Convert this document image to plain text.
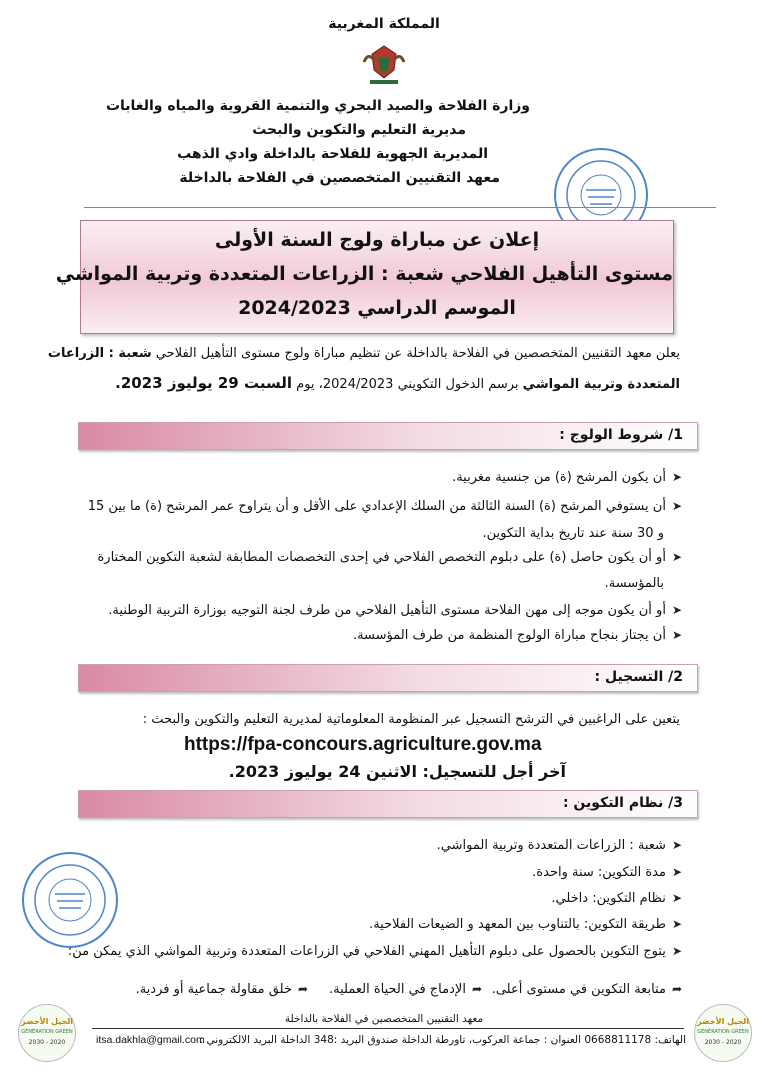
المملكة المغربية
وزارة الفلاحة والصيد البحري والتنمية القروية والمياه والغابات
مديرية التعليم والتكوين والبحث
المديرية الجهوية للفلاحة بالداخلة وادي الذهب
معهد التقنيين المتخصصين في الفلاحة بالداخلة
إعلان عن مباراة ولوج السنة الأولى
مستوى التأهيل الفلاحي شعبة : الزراعات المتعددة وتربية المواشي
الموسم الدراسي 2024/2023
يعلن معهد التقنيين المتخصصين في الفلاحة بالداخلة عن تنظيم مباراة ولوج مستوى التأهيل الفلاحي شعبة : الزراعات
المتعددة وتربية المواشي برسم الدخول التكويني 2024/2023، يوم السبت 29 يوليوز 2023.
1/ شروط الولوج :
➤أن يكون المرشح (ة) من جنسية مغربية.
➤أن يستوفي المرشح (ة) السنة الثالثة من السلك الإعدادي على الأقل و أن يتراوح عمر المرشح (ة) ما بين 15
و 30 سنة عند تاريخ بداية التكوين.
➤أو أن يكون حاصل (ة) على دبلوم التخصص الفلاحي في إحدى التخصصات المطابقة لشعبة التكوين المختارة
بالمؤسسة.
➤أو أن يكون موجه إلى مهن الفلاحة مستوى التأهيل الفلاحي من طرف لجنة التوجيه بوزارة التربية الوطنية.
➤أن يجتاز بنجاح مباراة الولوج المنظمة من طرف المؤسسة.
2/ التسجيل :
يتعين على الراغبين في الترشح التسجيل عبر المنظومة المعلوماتية لمديرية التعليم والتكوين والبحث :
https://fpa-concours.agriculture.gov.ma
آخر أجل للتسجيل: الاثنين 24 يوليوز 2023.
3/ نظام التكوين :
➤شعبة : الزراعات المتعددة وتربية المواشي.
➤مدة التكوين: سنة واحدة.
➤نظام التكوين: داخلي.
➤طريقة التكوين: بالتناوب بين المعهد و الضيعات الفلاحية.
➤يتوج التكوين بالحصول على دبلوم التأهيل المهني الفلاحي في الزراعات المتعددة وتربية المواشي الذي يمكن من:
➦متابعة التكوين في مستوى أعلى.
➦الإدماج في الحياة العملية.
➦خلق مقاولة جماعية أو فردية.
معهد التقنيين المتخصصين في الفلاحة بالداخلة
الهاتف: 0668811178 العنوان : جماعة العركوب، تاورطة الداخلة صندوق البريد :348 الداخلة البريد الالكتروني :
itsa.dakhla@gmail.com
الجيل الأخضر
GÉNÉRATION GREEN
2020 - 2030
الجيل الأخضر
GÉNÉRATION GREEN
2020 - 2030
